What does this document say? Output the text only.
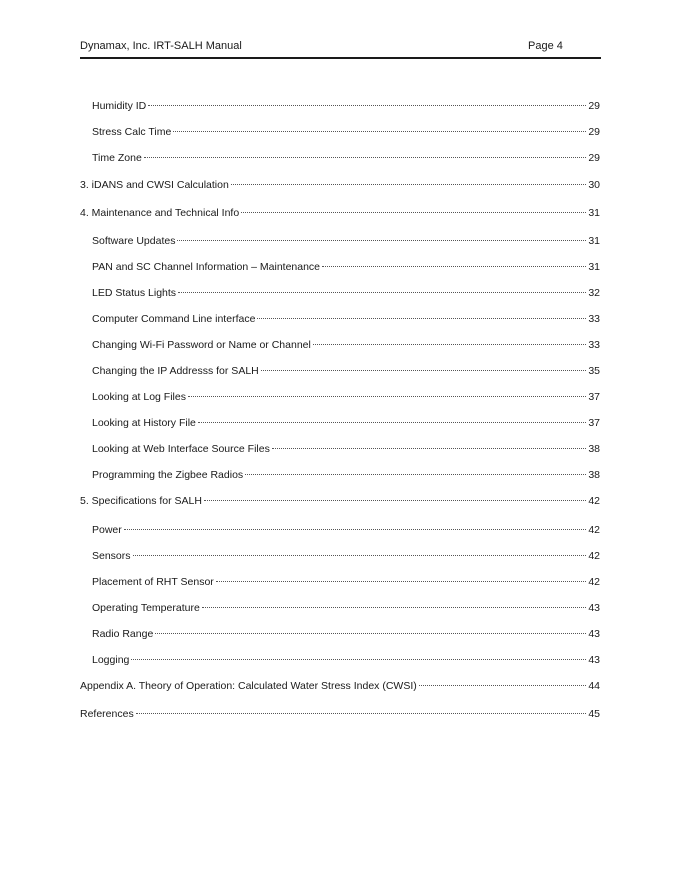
Dynamax, Inc. IRT-SALH Manual	Page 4
Humidity ID	29
Stress Calc Time	29
Time Zone	29
3. iDANS and CWSI Calculation	30
4. Maintenance and Technical Info	31
Software Updates	31
PAN and SC Channel Information – Maintenance	31
LED Status Lights	32
Computer Command Line interface	33
Changing Wi-Fi Password or Name or Channel	33
Changing the IP Addresss for SALH	35
Looking at Log Files	37
Looking at History File	37
Looking at Web Interface Source Files	38
Programming the Zigbee Radios	38
5. Specifications for SALH	42
Power	42
Sensors	42
Placement of RHT Sensor	42
Operating Temperature	43
Radio Range	43
Logging	43
Appendix A. Theory of Operation: Calculated Water Stress Index (CWSI)	44
References	45
